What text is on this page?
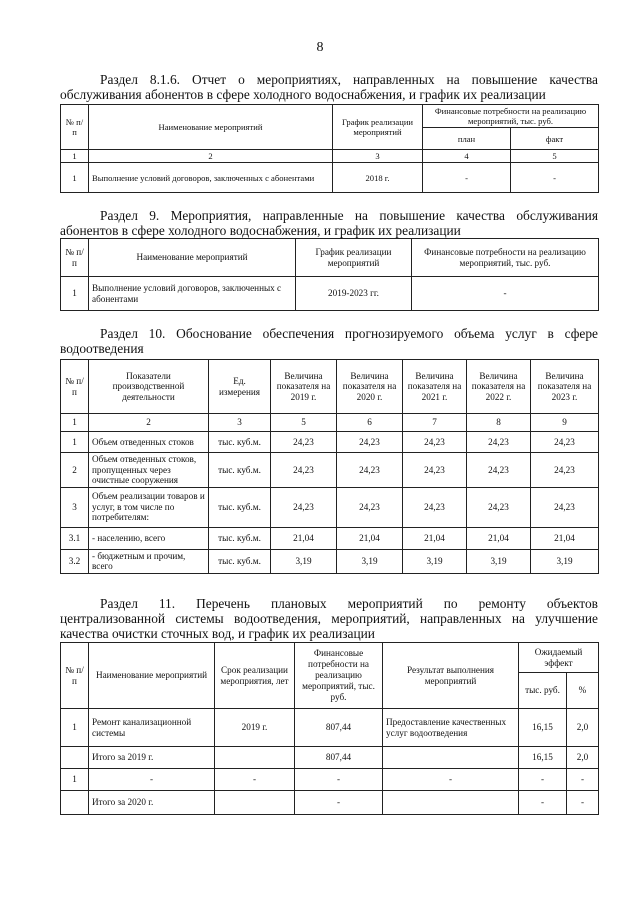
8
Раздел 8.1.6. Отчет о мероприятиях, направленных на повышение качества
обслуживания абонентов в сфере холодного водоснабжения, и график их реализации
№ п/п	Наименование мероприятий	График реализации мероприятий	Финансовые потребности на реализацию мероприятий, тыс. руб.	
			план	факт
1	2	3	4	5
1	Выполнение условий договоров, заключенных с абонентами	2018 г.	-	-
Раздел 9. Мероприятия, направленные на повышение качества обслуживания
абонентов в сфере холодного водоснабжения, и график их реализации
№ п/п	Наименование мероприятий	График реализации мероприятий	Финансовые потребности на реализацию мероприятий, тыс. руб.
1	Выполнение условий договоров, заключенных с абонентами	2019-2023 гг.	-
Раздел 10. Обоснование обеспечения прогнозируемого объема услуг в сфере
водоотведения
№ п/п	Показатели производственной деятельности	Ед. измерения	Величина показателя на 2019 г.	Величина показателя на 2020 г.	Величина показателя на 2021 г.	Величина показателя на 2022 г.	Величина показателя на 2023 г.
1	2	3	5	6	7	8	9
1	Объем отведенных стоков	тыс. куб.м.	24,23	24,23	24,23	24,23	24,23
2	Объем отведенных стоков, пропущенных через очистные сооружения	тыс. куб.м.	24,23	24,23	24,23	24,23	24,23
3	Объем реализации товаров и услуг, в том числе по потребителям:	тыс. куб.м.	24,23	24,23	24,23	24,23	24,23
3.1	- населению, всего	тыс. куб.м.	21,04	21,04	21,04	21,04	21,04
3.2	- бюджетным и прочим, всего	тыс. куб.м.	3,19	3,19	3,19	3,19	3,19
Раздел 11. Перечень плановых мероприятий по ремонту объектов
централизованной системы водоотведения, мероприятий, направленных на улучшение
качества очистки сточных вод, и график их реализации
№ п/п	Наименование мероприятий	Срок реализации мероприятия, лет	Финансовые потребности на реализацию мероприятий, тыс. руб.	Результат выполнения мероприятий	Ожидаемый эффект	
					тыс. руб.	%
1	Ремонт канализационной системы	2019 г.	807,44	Предоставление качественных услуг водоотведения	16,15	2,0
	Итого за 2019 г.		807,44		16,15	2,0
1	-	-	-	-	-	-
	Итого за 2020 г.		-		-	-
